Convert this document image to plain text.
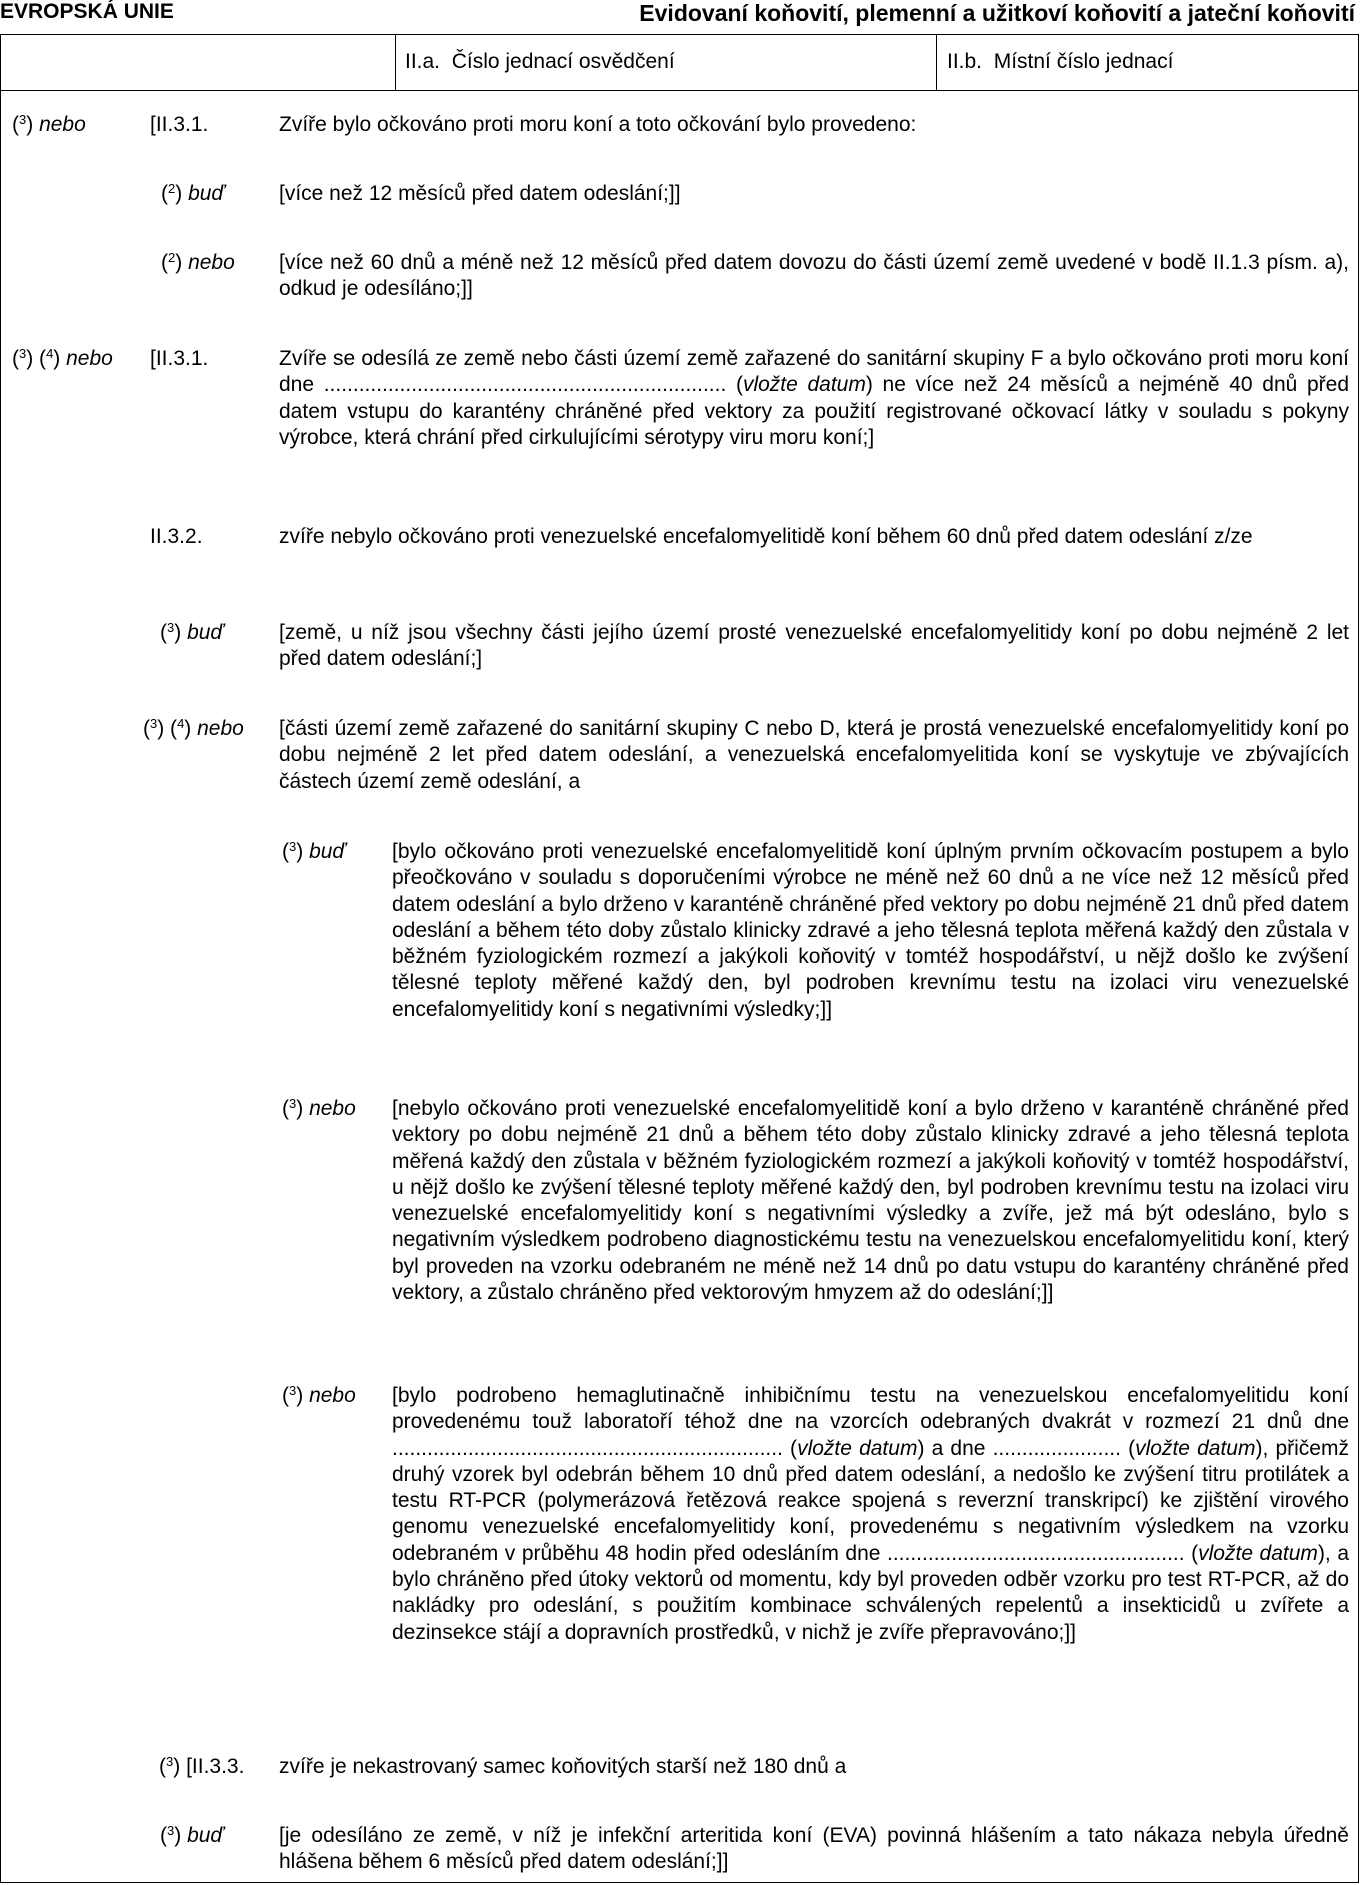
EVROPSKÁ UNIE	Evidovaní koňovití, plemenní a užitkoví koňovití a jateční koňovití
II.a. Číslo jednací osvědčení	II.b. Místní číslo jednací
($^3$) nebo	[II.3.1.	Zvíře bylo očkováno proti moru koní a toto očkování bylo provedeno:
($^2$) buď	[více než 12 měsíců před datem odeslání;]]
($^2$) nebo [více než 60 dnů a méně než 12 měsíců před datem dovozu do části území země uvedené v bodě II.1.3 písm. a), odkud je odesíláno;]]
($^3$) ($^4$) nebo [II.3.1.	Zvíře se odesílá ze země nebo části území země zařazené do sanitární skupiny F a bylo očkováno proti moru koní dne ..................................................................... (vložte datum) ne více než 24 měsíců a nejméně 40 dnů před datem vstupu do karantény chráněné před vektory za použití registrované očkovací látky v souladu s pokyny výrobce, která chrání před cirkulujícími sérotypy viru moru koní;]
II.3.2.	zvíře nebylo očkováno proti venezuelské encefalomyelitidě koní během 60 dnů před datem odeslání z/ze
($^3$) buď	[země, u níž jsou všechny části jejího území prosté venezuelské encefalomyelitidy koní po dobu nejméně 2 let před datem odeslání;]
($^3$) ($^4$) nebo [části území země zařazené do sanitární skupiny C nebo D, která je prostá venezuelské encefalomyelitidy koní po dobu nejméně 2 let před datem odeslání, a venezuelská encefalomyelitida koní se vyskytuje ve zbývajících částech území země odeslání, a
($^3$) buď [bylo očkováno proti venezuelské encefalomyelitidě koní úplným prvním očkovacím postupem a bylo přeočkováno v souladu s doporučeními výrobce ne méně než 60 dnů a ne více než 12 měsíců před datem odeslání a bylo drženo v karanténě chráněné před vektory po dobu nejméně 21 dnů před datem odeslání a během této doby zůstalo klinicky zdravé a jeho tělesná teplota měřená každý den zůstala v běžném fyziologickém rozmezí a jakýkoli koňovitý v tomtéž hospodářství, u nějž došlo ke zvýšení tělesné teploty měřené každý den, byl podroben krevnímu testu na izolaci viru venezuelské encefalomyelitidy koní s negativními výsledky;]]
($^3$) nebo [nebylo očkováno proti venezuelské encefalomyelitidě koní a bylo drženo v karanténě chráněné před vektory po dobu nejméně 21 dnů a během této doby zůstalo klinicky zdravé a jeho tělesná teplota měřená každý den zůstala v běžném fyziologickém rozmezí a jakýkoli koňovitý v tomtéž hospodářství, u nějž došlo ke zvýšení tělesné teploty měřené každý den, byl podroben krevnímu testu na izolaci viru venezuelské encefalomyelitidy koní s negativními výsledky a zvíře, jež má být odesláno, bylo s negativním výsledkem podrobeno diagnostickému testu na venezuelskou encefalomyelitidu koní, který byl proveden na vzorku odebraném ne méně než 14 dnů po datu vstupu do karantény chráněné před vektory, a zůstalo chráněno před vektorovým hmyzem až do odeslání;]]
($^3$) nebo [bylo podrobeno hemaglutinačně inhibičnímu testu na venezuelskou encefalomyelitidu koní provedenému touž laboratoří téhož dne na vzorcích odebraných dvakrát v rozmezí 21 dnů dne ................................................................... (vložte datum) a dne ...................... (vložte datum), přičemž druhý vzorek byl odebrán během 10 dnů před datem odeslání, a nedošlo ke zvýšení titru protilátek a testu RT-PCR (polymerázová řetězová reakce spojená s reverzní transkripcí) ke zjištění virového genomu venezuelské encefalomyelitidy koní, provedenému s negativním výsledkem na vzorku odebraném v průběhu 48 hodin před odesláním dne ................................................... (vložte datum), a bylo chráněno před útoky vektorů od momentu, kdy byl proveden odběr vzorku pro test RT-PCR, až do nakládky pro odeslání, s použitím kombinace schválených repelentů a insekticidů u zvířete a dezinsekce stájí a dopravních prostředků, v nichž je zvíře přepravováno;]]
($^3$) [II.3.3. zvíře je nekastrovaný samec koňovitých starší než 180 dnů a
($^3$) buď	[je odesíláno ze země, v níž je infekční arteritida koní (EVA) povinná hlášením a tato nákaza nebyla úředně hlášena během 6 měsíců před datem odeslání;]]
